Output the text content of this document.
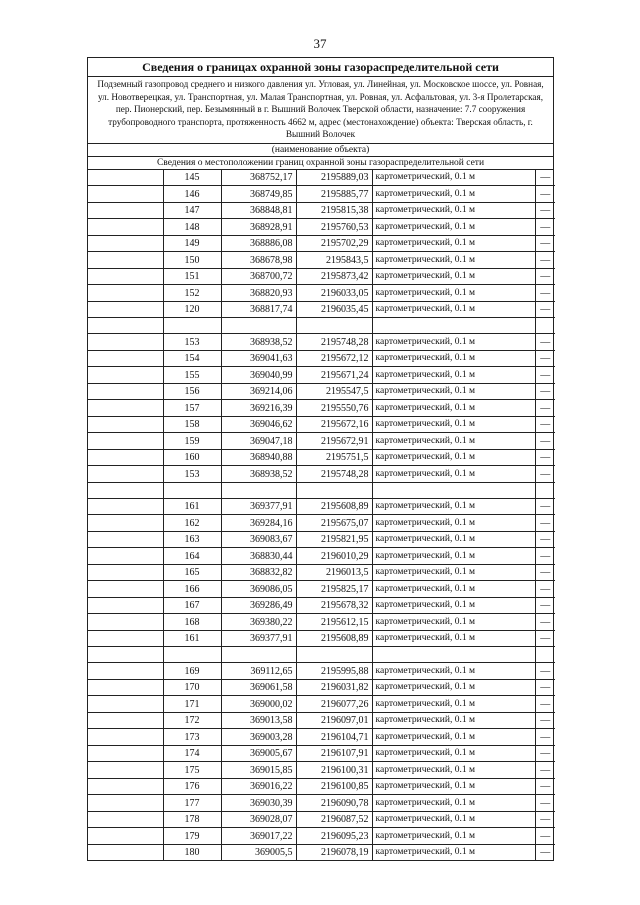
37
Сведения о границах охранной зоны газораспределительной сети
Подземный газопровод среднего и низкого давления ул. Угловая, ул. Линейная, ул. Московское шоссе, ул. Ровная, ул. Новотверецкая, ул. Транспортная, ул. Малая Транспортная, ул. Ровная, ул. Асфальтовая, ул. 3-я Пролетарская, пер. Пионерский, пер. Безымянный в г. Вышний Волочек Тверской области, назначение: 7.7 сооружения трубопроводного транспорта, протяженность 4662 м, адрес (местонахождение) объекта: Тверская область, г. Вышний Волочек
(наименование объекта)
Сведения о местоположении границ охранной зоны газораспределительной сети
	145	368752,17	2195889,03	картометрический, 0.1 м	—
	146	368749,85	2195885,77	картометрический, 0.1 м	—
	147	368848,81	2195815,38	картометрический, 0.1 м	—
	148	368928,91	2195760,53	картометрический, 0.1 м	—
	149	368886,08	2195702,29	картометрический, 0.1 м	—
	150	368678,98	2195843,5	картометрический, 0.1 м	—
	151	368700,72	2195873,42	картометрический, 0.1 м	—
	152	368820,93	2196033,05	картометрический, 0.1 м	—
	120	368817,74	2196035,45	картометрический, 0.1 м	—

	153	368938,52	2195748,28	картометрический, 0.1 м	—
	154	369041,63	2195672,12	картометрический, 0.1 м	—
	155	369040,99	2195671,24	картометрический, 0.1 м	—
	156	369214,06	2195547,5	картометрический, 0.1 м	—
	157	369216,39	2195550,76	картометрический, 0.1 м	—
	158	369046,62	2195672,16	картометрический, 0.1 м	—
	159	369047,18	2195672,91	картометрический, 0.1 м	—
	160	368940,88	2195751,5	картометрический, 0.1 м	—
	153	368938,52	2195748,28	картометрический, 0.1 м	—

	161	369377,91	2195608,89	картометрический, 0.1 м	—
	162	369284,16	2195675,07	картометрический, 0.1 м	—
	163	369083,67	2195821,95	картометрический, 0.1 м	—
	164	368830,44	2196010,29	картометрический, 0.1 м	—
	165	368832,82	2196013,5	картометрический, 0.1 м	—
	166	369086,05	2195825,17	картометрический, 0.1 м	—
	167	369286,49	2195678,32	картометрический, 0.1 м	—
	168	369380,22	2195612,15	картометрический, 0.1 м	—
	161	369377,91	2195608,89	картометрический, 0.1 м	—

	169	369112,65	2195995,88	картометрический, 0.1 м	—
	170	369061,58	2196031,82	картометрический, 0.1 м	—
	171	369000,02	2196077,26	картометрический, 0.1 м	—
	172	369013,58	2196097,01	картометрический, 0.1 м	—
	173	369003,28	2196104,71	картометрический, 0.1 м	—
	174	369005,67	2196107,91	картометрический, 0.1 м	—
	175	369015,85	2196100,31	картометрический, 0.1 м	—
	176	369016,22	2196100,85	картометрический, 0.1 м	—
	177	369030,39	2196090,78	картометрический, 0.1 м	—
	178	369028,07	2196087,52	картометрический, 0.1 м	—
	179	369017,22	2196095,23	картометрический, 0.1 м	—
	180	369005,5	2196078,19	картометрический, 0.1 м	—
